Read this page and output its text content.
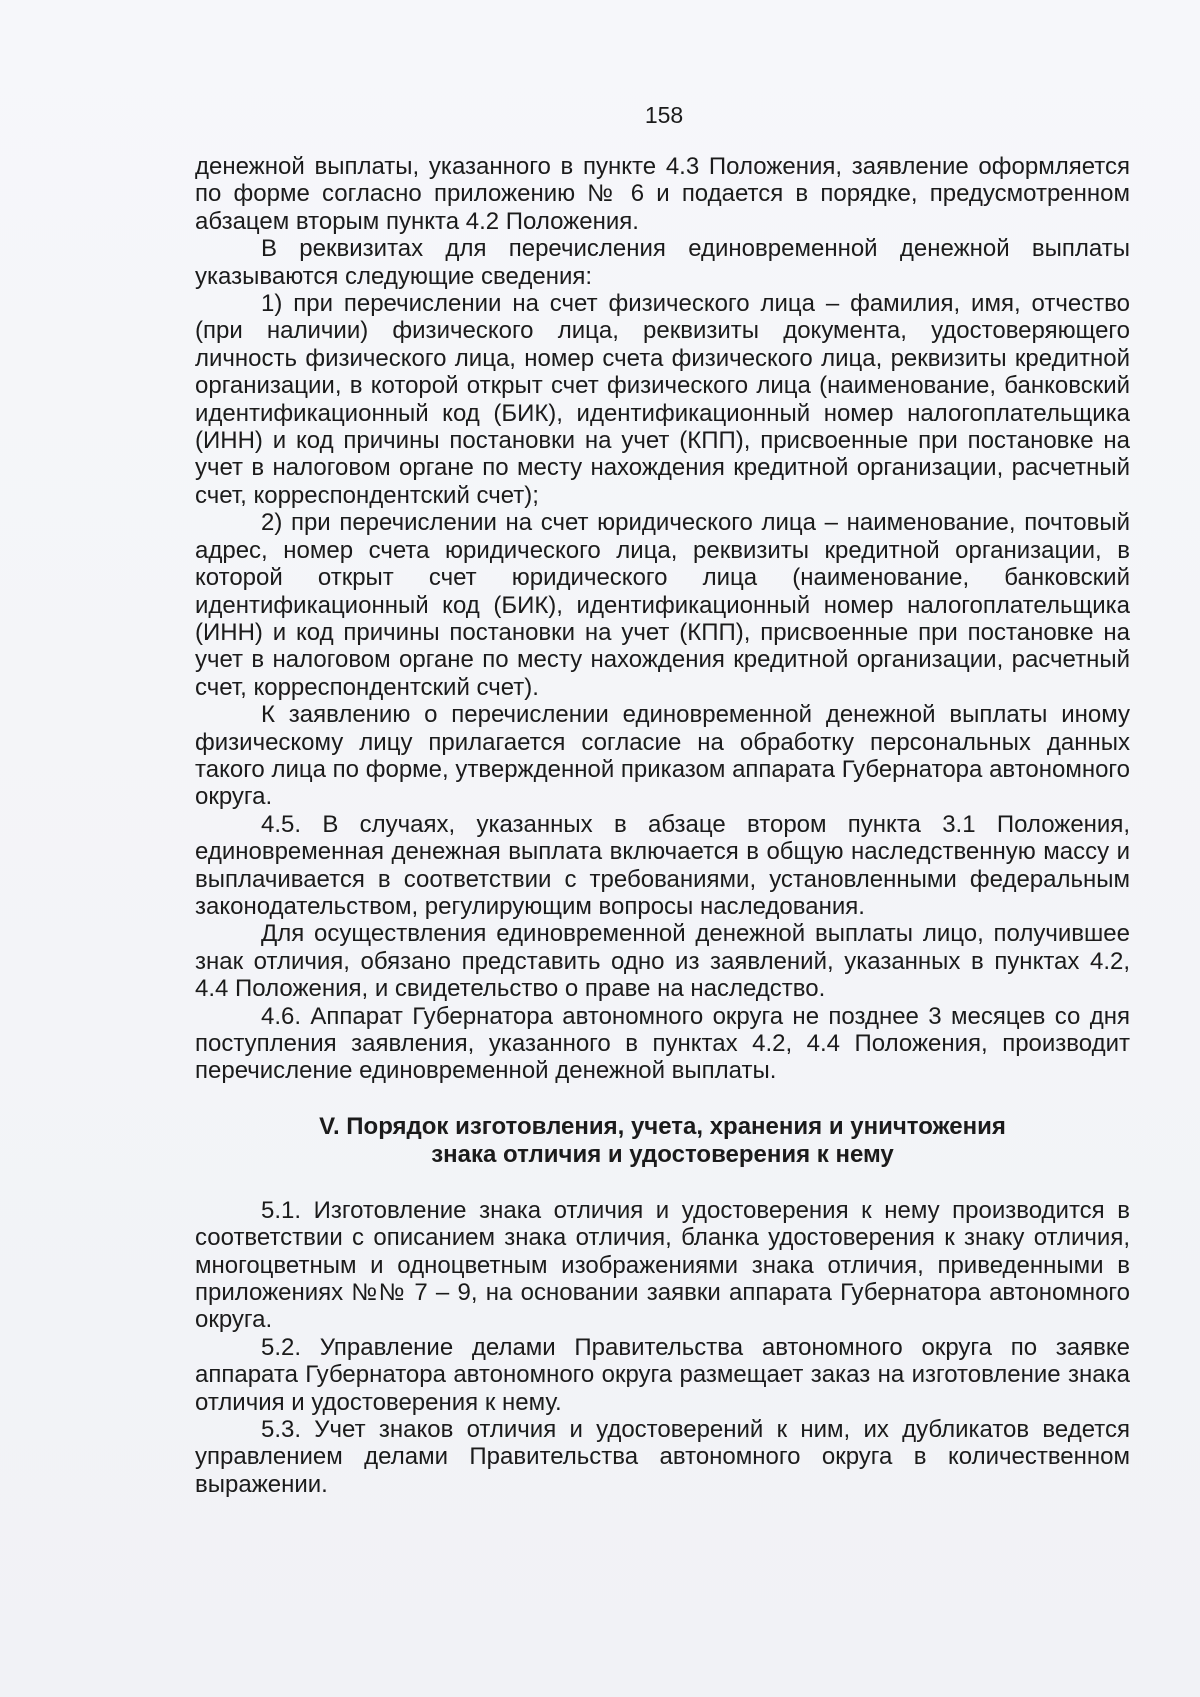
158

денежной выплаты, указанного в пункте 4.3 Положения, заявление оформляется по форме согласно приложению № 6 и подается в порядке, предусмотренном абзацем вторым пункта 4.2 Положения.

В реквизитах для перечисления единовременной денежной выплаты указываются следующие сведения:

1) при перечислении на счет физического лица – фамилия, имя, отчество (при наличии) физического лица, реквизиты документа, удостоверяющего личность физического лица, номер счета физического лица, реквизиты кредитной организации, в которой открыт счет физического лица (наименование, банковский идентификационный код (БИК), идентификационный номер налогоплательщика (ИНН) и код причины постановки на учет (КПП), присвоенные при постановке на учет в налоговом органе по месту нахождения кредитной организации, расчетный счет, корреспондентский счет);

2) при перечислении на счет юридического лица – наименование, почтовый адрес, номер счета юридического лица, реквизиты кредитной организации, в которой открыт счет юридического лица (наименование, банковский идентификационный код (БИК), идентификационный номер налогоплательщика (ИНН) и код причины постановки на учет (КПП), присвоенные при постановке на учет в налоговом органе по месту нахождения кредитной организации, расчетный счет, корреспондентский счет).

К заявлению о перечислении единовременной денежной выплаты иному физическому лицу прилагается согласие на обработку персональных данных такого лица по форме, утвержденной приказом аппарата Губернатора автономного округа.

4.5. В случаях, указанных в абзаце втором пункта 3.1 Положения, единовременная денежная выплата включается в общую наследственную массу и выплачивается в соответствии с требованиями, установленными федеральным законодательством, регулирующим вопросы наследования.

Для осуществления единовременной денежной выплаты лицо, получившее знак отличия, обязано представить одно из заявлений, указанных в пунктах 4.2, 4.4 Положения, и свидетельство о праве на наследство.

4.6. Аппарат Губернатора автономного округа не позднее 3 месяцев со дня поступления заявления, указанного в пунктах 4.2, 4.4 Положения, производит перечисление единовременной денежной выплаты.

V. Порядок изготовления, учета, хранения и уничтожения
знака отличия и удостоверения к нему

5.1. Изготовление знака отличия и удостоверения к нему производится в соответствии с описанием знака отличия, бланка удостоверения к знаку отличия, многоцветным и одноцветным изображениями знака отличия, приведенными в приложениях №№ 7 – 9, на основании заявки аппарата Губернатора автономного округа.

5.2. Управление делами Правительства автономного округа по заявке аппарата Губернатора автономного округа размещает заказ на изготовление знака отличия и удостоверения к нему.

5.3. Учет знаков отличия и удостоверений к ним, их дубликатов ведется управлением делами Правительства автономного округа в количественном выражении.
